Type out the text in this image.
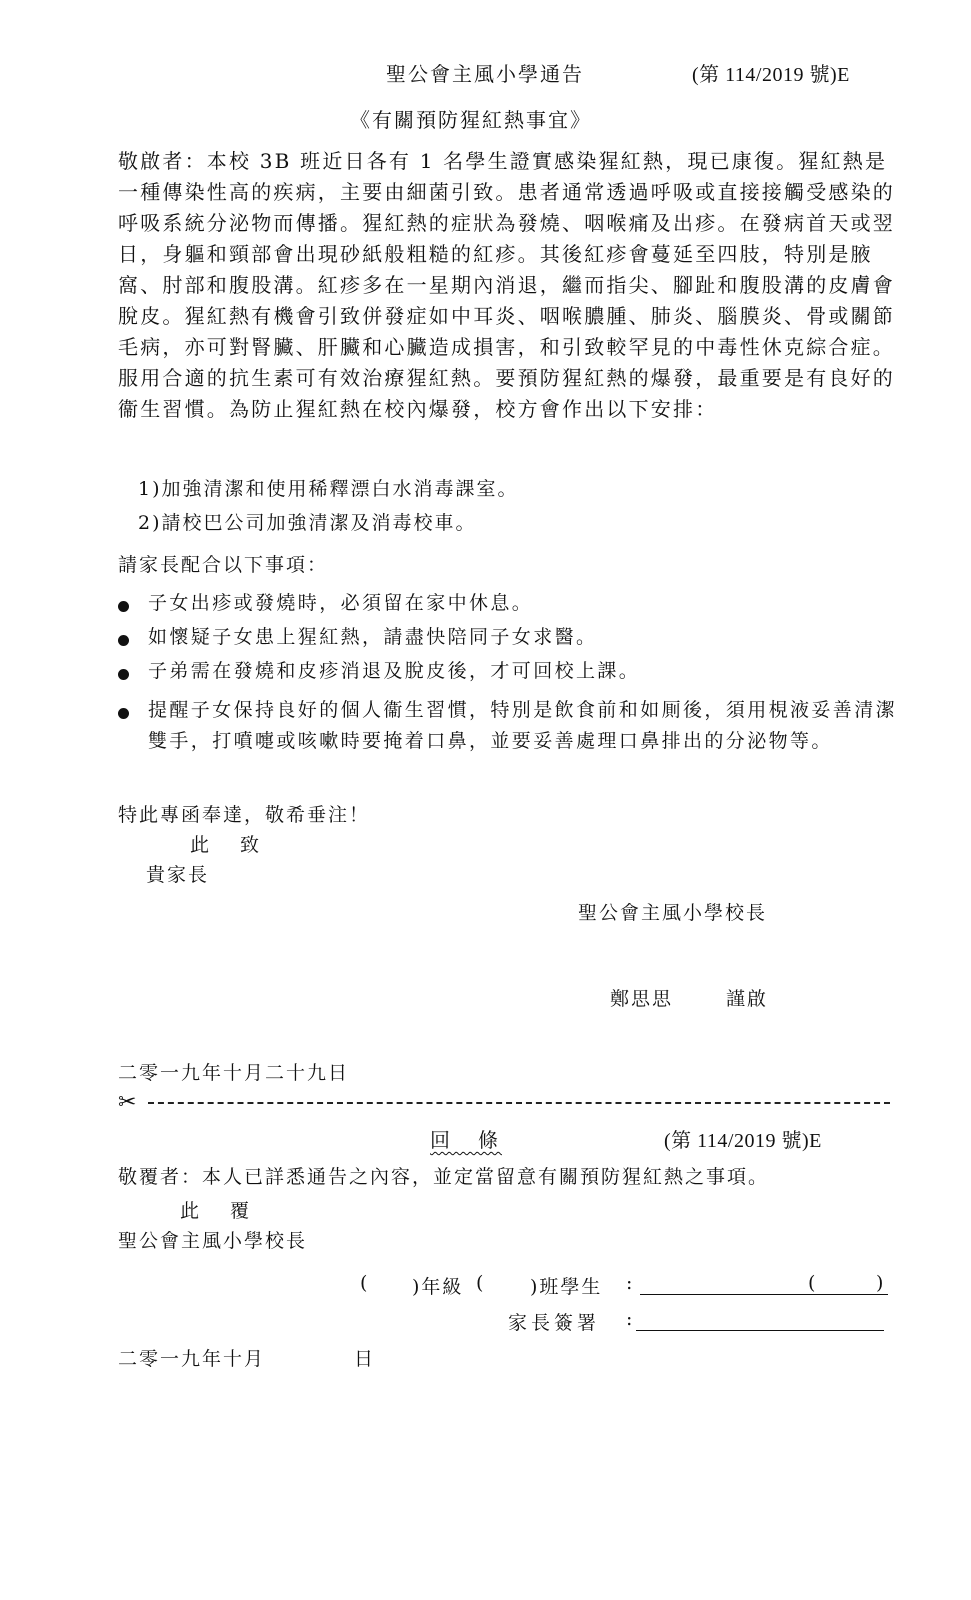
聖公會主風小學通告	(第 114/2019 號)E
《有關預防猩紅熱事宜》

敬啟者：本校 3B 班近日各有 1 名學生證實感染猩紅熱，現已康復。猩紅熱是一種傳染性高的疾病，主要由細菌引致。患者通常透過呼吸或直接接觸受感染的呼吸系統分泌物而傳播。猩紅熱的症狀為發燒、咽喉痛及出疹。在發病首天或翌日，身軀和頸部會出現砂紙般粗糙的紅疹。其後紅疹會蔓延至四肢，特別是腋窩、肘部和腹股溝。紅疹多在一星期內消退，繼而指尖、腳趾和腹股溝的皮膚會脫皮。猩紅熱有機會引致併發症如中耳炎、咽喉膿腫、肺炎、腦膜炎、骨或關節毛病，亦可對腎臟、肝臟和心臟造成損害，和引致較罕見的中毒性休克綜合症。服用合適的抗生素可有效治療猩紅熱。要預防猩紅熱的爆發，最重要是有良好的衞生習慣。為防止猩紅熱在校內爆發，校方會作出以下安排：

1)加強清潔和使用稀釋漂白水消毒課室。
2)請校巴公司加強清潔及消毒校車。
請家長配合以下事項：
子女出疹或發燒時，必須留在家中休息。
如懷疑子女患上猩紅熱，請盡快陪同子女求醫。
子弟需在發燒和皮疹消退及脫皮後，才可回校上課。
提醒子女保持良好的個人衞生習慣，特別是飲食前和如厠後，須用梘液妥善清潔雙手，打噴嚏或咳嗽時要掩着口鼻，並要妥善處理口鼻排出的分泌物等。
特此專函奉達，敬希垂注！
此　致
貴家長
聖公會主風小學校長
鄭思思	謹啟
二零一九年十月二十九日
✂
回　條	(第 114/2019 號)E
敬覆者：本人已詳悉通告之內容，並定當留意有關預防猩紅熱之事項。
此　覆
聖公會主風小學校長
( )年級 ( )班學生 :	(	)
家長簽署 :
二零一九年十月	日
